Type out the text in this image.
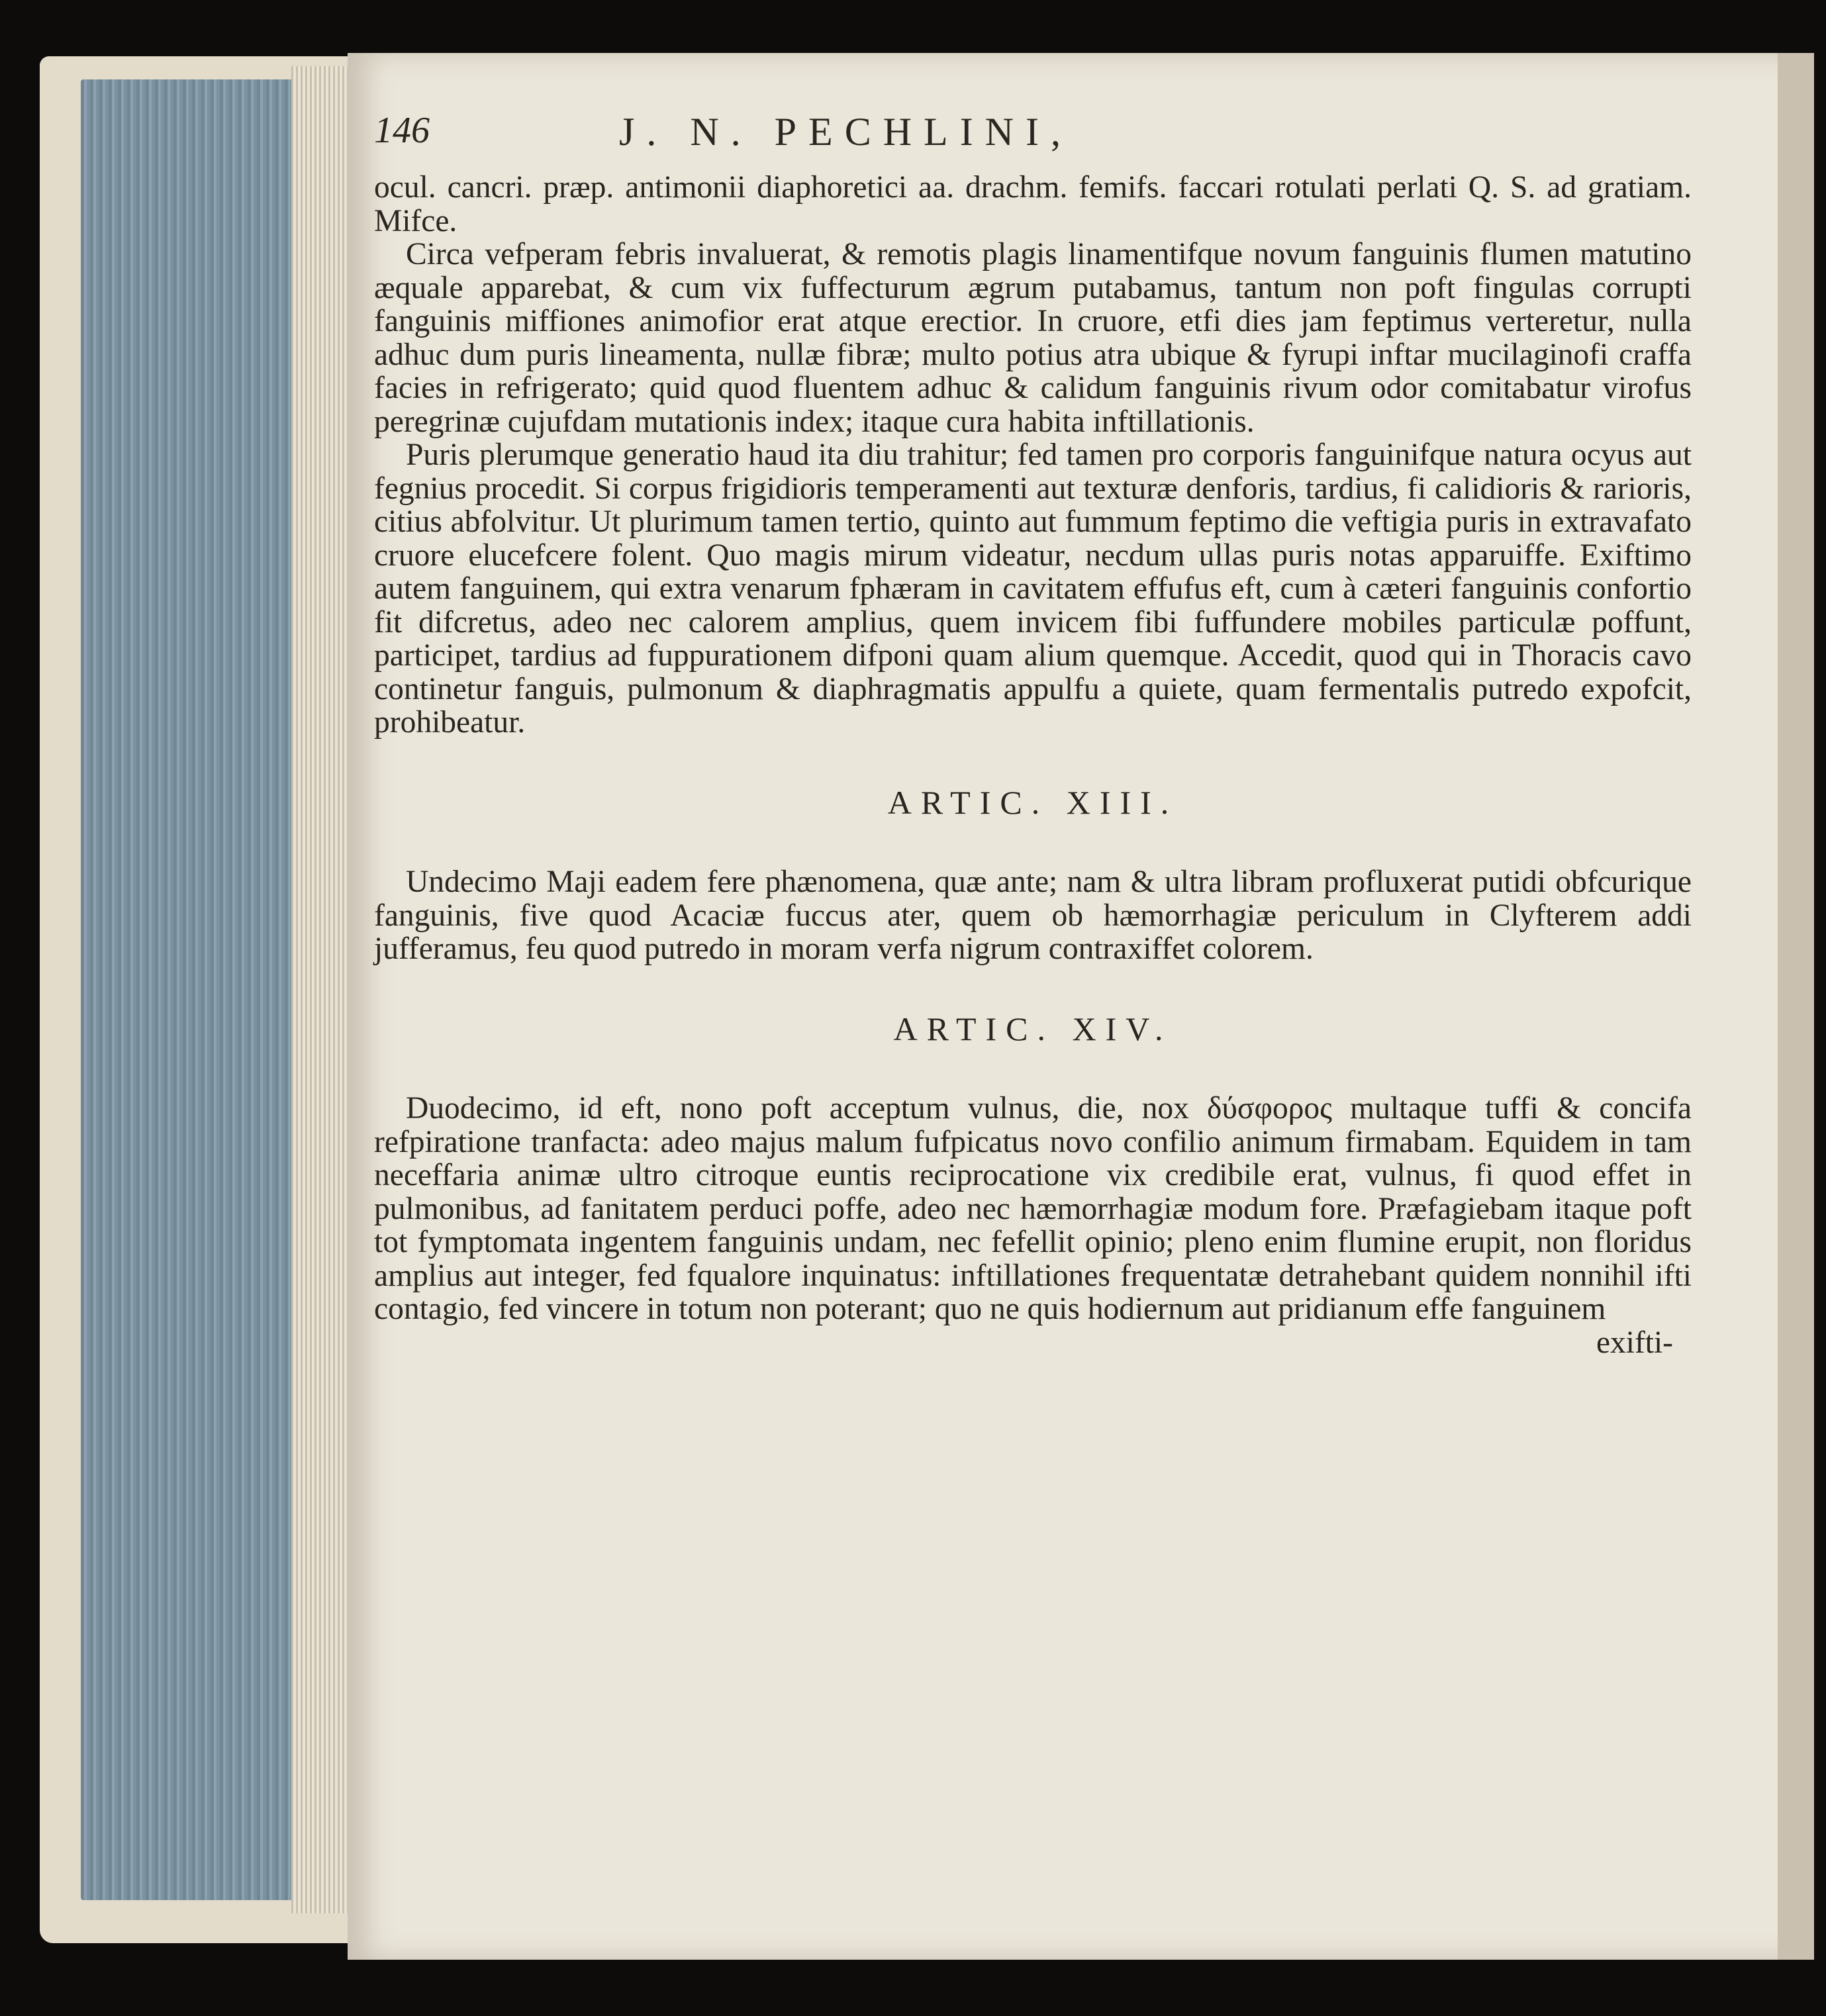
146	J. N. PECHLINI,

ocul. cancri. præp. antimonii diaphoretici aa. drachm. femifs. faccari rotulati perlati Q. S. ad gratiam. Mifce.

Circa vefperam febris invaluerat, & remotis plagis linamentifque novum fanguinis flumen matutino æquale apparebat, & cum vix fuffecturum ægrum putabamus, tantum non poft fingulas corrupti fanguinis miffiones animofior erat atque erectior. In cruore, etfi dies jam feptimus verteretur, nulla adhuc dum puris lineamenta, nullæ fibræ; multo potius atra ubique & fyrupi inftar mucilaginofi craffa facies in refrigerato; quid quod fluentem adhuc & calidum fanguinis rivum odor comitabatur virofus peregrinæ cujufdam mutationis index; itaque cura habita inftillationis.

Puris plerumque generatio haud ita diu trahitur; fed tamen pro corporis fanguinifque natura ocyus aut fegnius procedit. Si corpus frigidioris temperamenti aut texturæ denforis, tardius, fi calidioris & rarioris, citius abfolvitur. Ut plurimum tamen tertio, quinto aut fummum feptimo die veftigia puris in extravafato cruore elucefcere folent. Quo magis mirum videatur, necdum ullas puris notas apparuiffe. Exiftimo autem fanguinem, qui extra venarum fphæram in cavitatem effufus eft, cum à cæteri fanguinis confortio fit difcretus, adeo nec calorem amplius, quem invicem fibi fuffundere mobiles particulæ poffunt, participet, tardius ad fuppurationem difponi quam alium quemque. Accedit, quod qui in Thoracis cavo continetur fanguis, pulmonum & diaphragmatis appulfu a quiete, quam fermentalis putredo expofcit, prohibeatur.

ARTIC. XIII.

Undecimo Maji eadem fere phænomena, quæ ante; nam & ultra libram profluxerat putidi obfcurique fanguinis, five quod Acaciæ fuccus ater, quem ob hæmorrhagiæ periculum in Clyfterem addi jufferamus, feu quod putredo in moram verfa nigrum contraxiffet colorem.

ARTIC. XIV.

Duodecimo, id eft, nono poft acceptum vulnus, die, nox δύσφορος multaque tuffi & concifa refpiratione tranfacta: adeo majus malum fufpicatus novo confilio animum firmabam. Equidem in tam neceffaria animæ ultro citroque euntis reciprocatione vix credibile erat, vulnus, fi quod effet in pulmonibus, ad fanitatem perduci poffe, adeo nec hæmorrhagiæ modum fore. Præfagiebam itaque poft tot fymptomata ingentem fanguinis undam, nec fefellit opinio; pleno enim flumine erupit, non floridus amplius aut integer, fed fqualore inquinatus: inftillationes frequentatæ detrahebant quidem nonnihil ifti contagio, fed vincere in totum non poterant; quo ne quis hodiernum aut pridianum effe fanguinem

exifti-
